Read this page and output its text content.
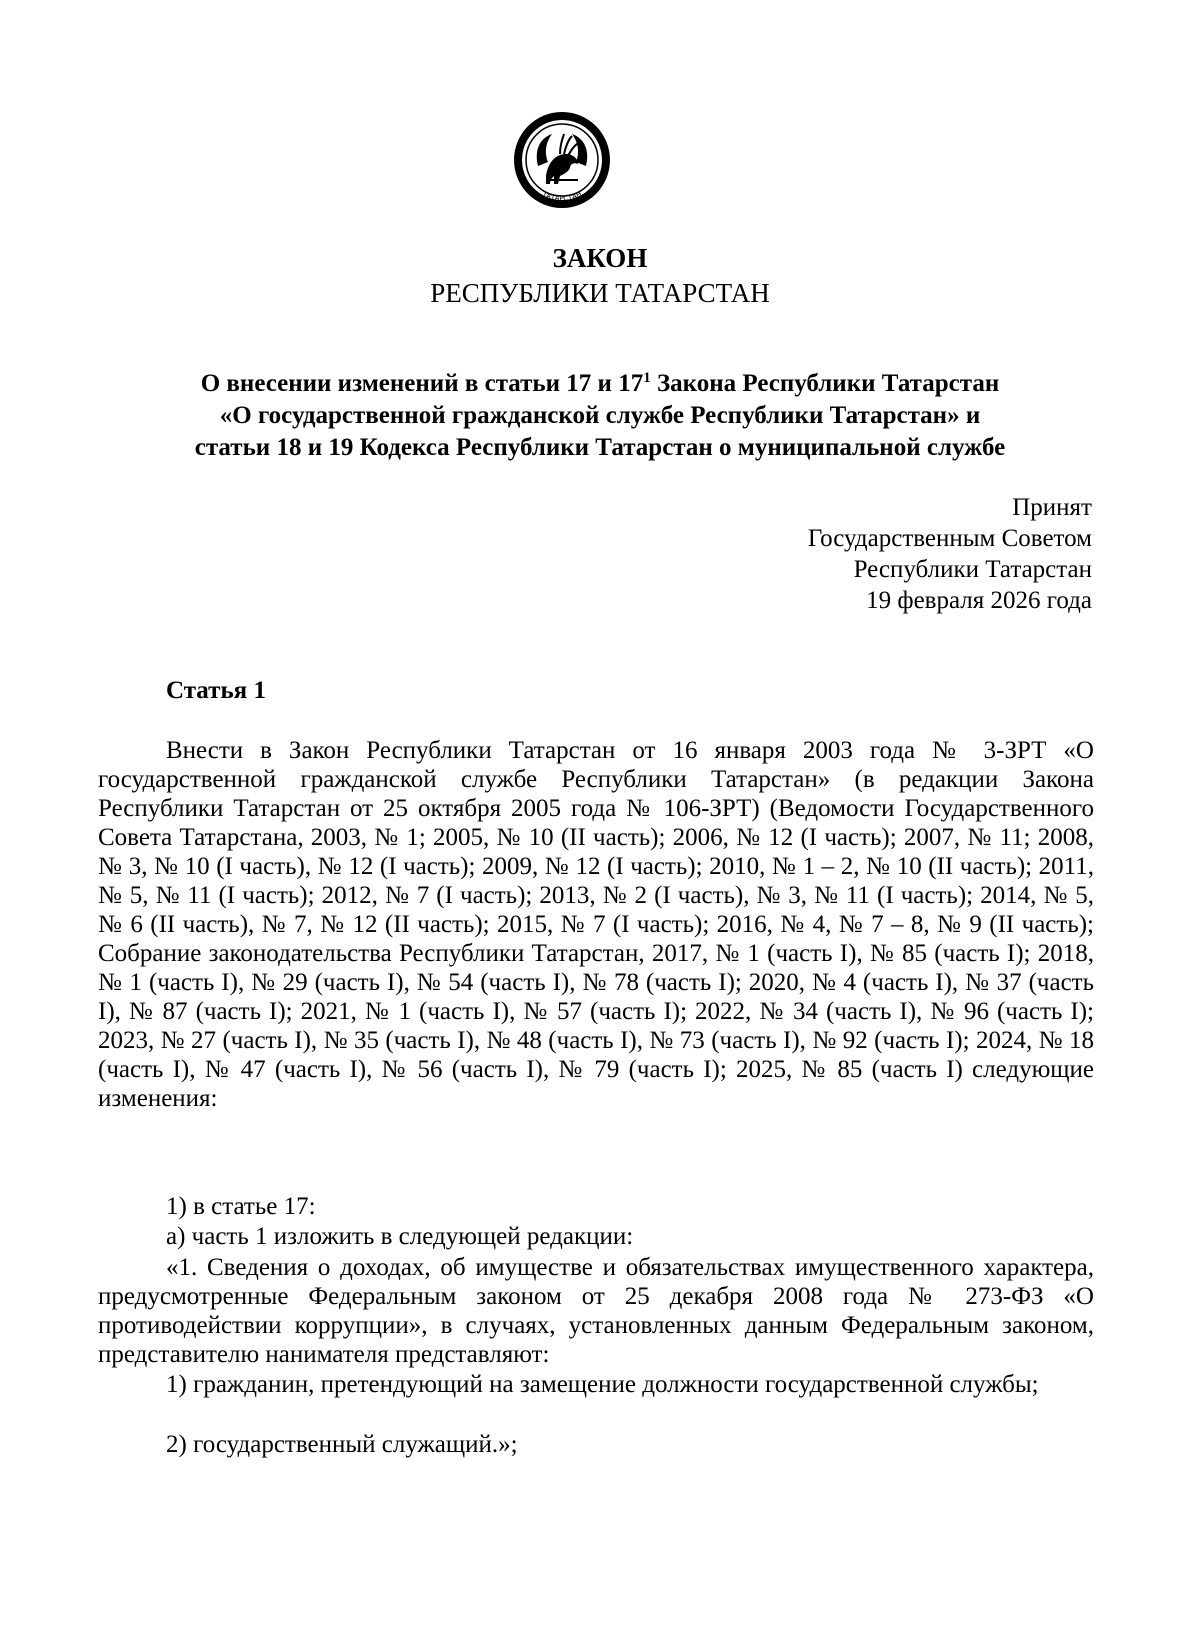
ТАТАРСТАН
ЗАКОН
РЕСПУБЛИКИ ТАТАРСТАН
О внесении изменений в статьи 17 и $17^1$ Закона Республики Татарстан
«О государственной гражданской службе Республики Татарстан» и
статьи 18 и 19 Кодекса Республики Татарстан о муниципальной службе
Принят
Государственным Советом
Республики Татарстан
19 февраля 2026 года
Статья 1

Внести в Закон Республики Татарстан от 16 января 2003 года № 3-ЗРТ «О государственной гражданской службе Республики Татарстан» (в редакции Закона Республики Татарстан от 25 октября 2005 года № 106-ЗРТ) (Ведомости Государственного Совета Татарстана, 2003, № 1; 2005, № 10 (II часть); 2006, № 12 (I часть); 2007, № 11; 2008, № 3, № 10 (I часть), № 12 (I часть); 2009, № 12 (I часть); 2010, № 1 – 2, № 10 (II часть); 2011, № 5, № 11 (I часть); 2012, № 7 (I часть); 2013, № 2 (I часть), № 3, № 11 (I часть); 2014, № 5, № 6 (II часть), № 7, № 12 (II часть); 2015, № 7 (I часть); 2016, № 4, № 7 – 8, № 9 (II часть); Собрание законодательства Республики Татарстан, 2017, № 1 (часть I), № 85 (часть I); 2018, № 1 (часть I), № 29 (часть I), № 54 (часть I), № 78 (часть I); 2020, № 4 (часть I), № 37 (часть I), № 87 (часть I); 2021, № 1 (часть I), № 57 (часть I); 2022, № 34 (часть I), № 96 (часть I); 2023, № 27 (часть I), № 35 (часть I), № 48 (часть I), № 73 (часть I), № 92 (часть I); 2024, № 18 (часть I), № 47 (часть I), № 56 (часть I), № 79 (часть I); 2025, № 85 (часть I) следующие изменения:

1) в статье 17:

а) часть 1 изложить в следующей редакции:

«1. Сведения о доходах, об имуществе и обязательствах имущественного характера, предусмотренные Федеральным законом от 25 декабря 2008 года № 273-ФЗ «О противодействии коррупции», в случаях, установленных данным Федеральным законом, представителю нанимателя представляют:

1) гражданин, претендующий на замещение должности государственной службы;

2) государственный служащий.»;
